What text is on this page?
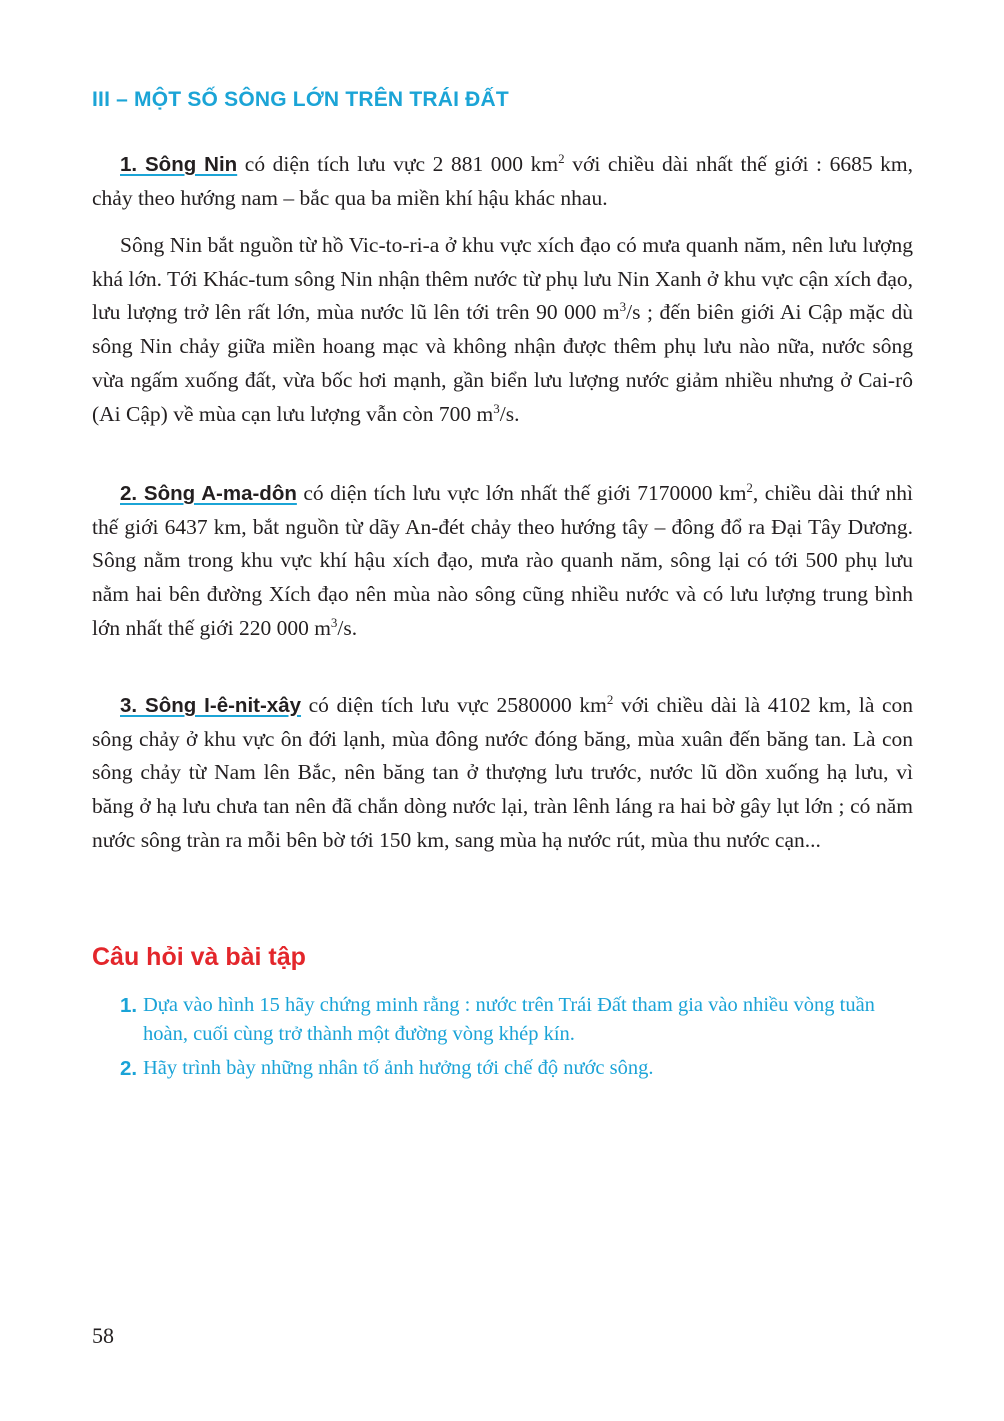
III – MỘT SỐ SÔNG LỚN TRÊN TRÁI ĐẤT

1. Sông Nin có diện tích lưu vực 2 881 000 $km^2$ với chiều dài nhất thế giới : 6685 km, chảy theo hướng nam – bắc qua ba miền khí hậu khác nhau.

Sông Nin bắt nguồn từ hồ Vic-to-ri-a ở khu vực xích đạo có mưa quanh năm, nên lưu lượng khá lớn. Tới Khác-tum sông Nin nhận thêm nước từ phụ lưu Nin Xanh ở khu vực cận xích đạo, lưu lượng trở lên rất lớn, mùa nước lũ lên tới trên 90 000 $m^3/s$ ; đến biên giới Ai Cập mặc dù sông Nin chảy giữa miền hoang mạc và không nhận được thêm phụ lưu nào nữa, nước sông vừa ngấm xuống đất, vừa bốc hơi mạnh, gần biển lưu lượng nước giảm nhiều nhưng ở Cai-rô (Ai Cập) về mùa cạn lưu lượng vẫn còn 700 $m^3/s$.

2. Sông A-ma-dôn có diện tích lưu vực lớn nhất thế giới 7170000 $km^2$, chiều dài thứ nhì thế giới 6437 km, bắt nguồn từ dãy An-đét chảy theo hướng tây – đông đổ ra Đại Tây Dương. Sông nằm trong khu vực khí hậu xích đạo, mưa rào quanh năm, sông lại có tới 500 phụ lưu nằm hai bên đường Xích đạo nên mùa nào sông cũng nhiều nước và có lưu lượng trung bình lớn nhất thế giới 220 000 $m^3/s$.

3. Sông I-ê-nit-xây có diện tích lưu vực 2580000 $km^2$ với chiều dài là 4102 km, là con sông chảy ở khu vực ôn đới lạnh, mùa đông nước đóng băng, mùa xuân đến băng tan. Là con sông chảy từ Nam lên Bắc, nên băng tan ở thượng lưu trước, nước lũ dồn xuống hạ lưu, vì băng ở hạ lưu chưa tan nên đã chắn dòng nước lại, tràn lênh láng ra hai bờ gây lụt lớn ; có năm nước sông tràn ra mỗi bên bờ tới 150 km, sang mùa hạ nước rút, mùa thu nước cạn...

Câu hỏi và bài tập

1. Dựa vào hình 15 hãy chứng minh rằng : nước trên Trái Đất tham gia vào nhiều vòng tuần hoàn, cuối cùng trở thành một đường vòng khép kín.

2. Hãy trình bày những nhân tố ảnh hưởng tới chế độ nước sông.

58
